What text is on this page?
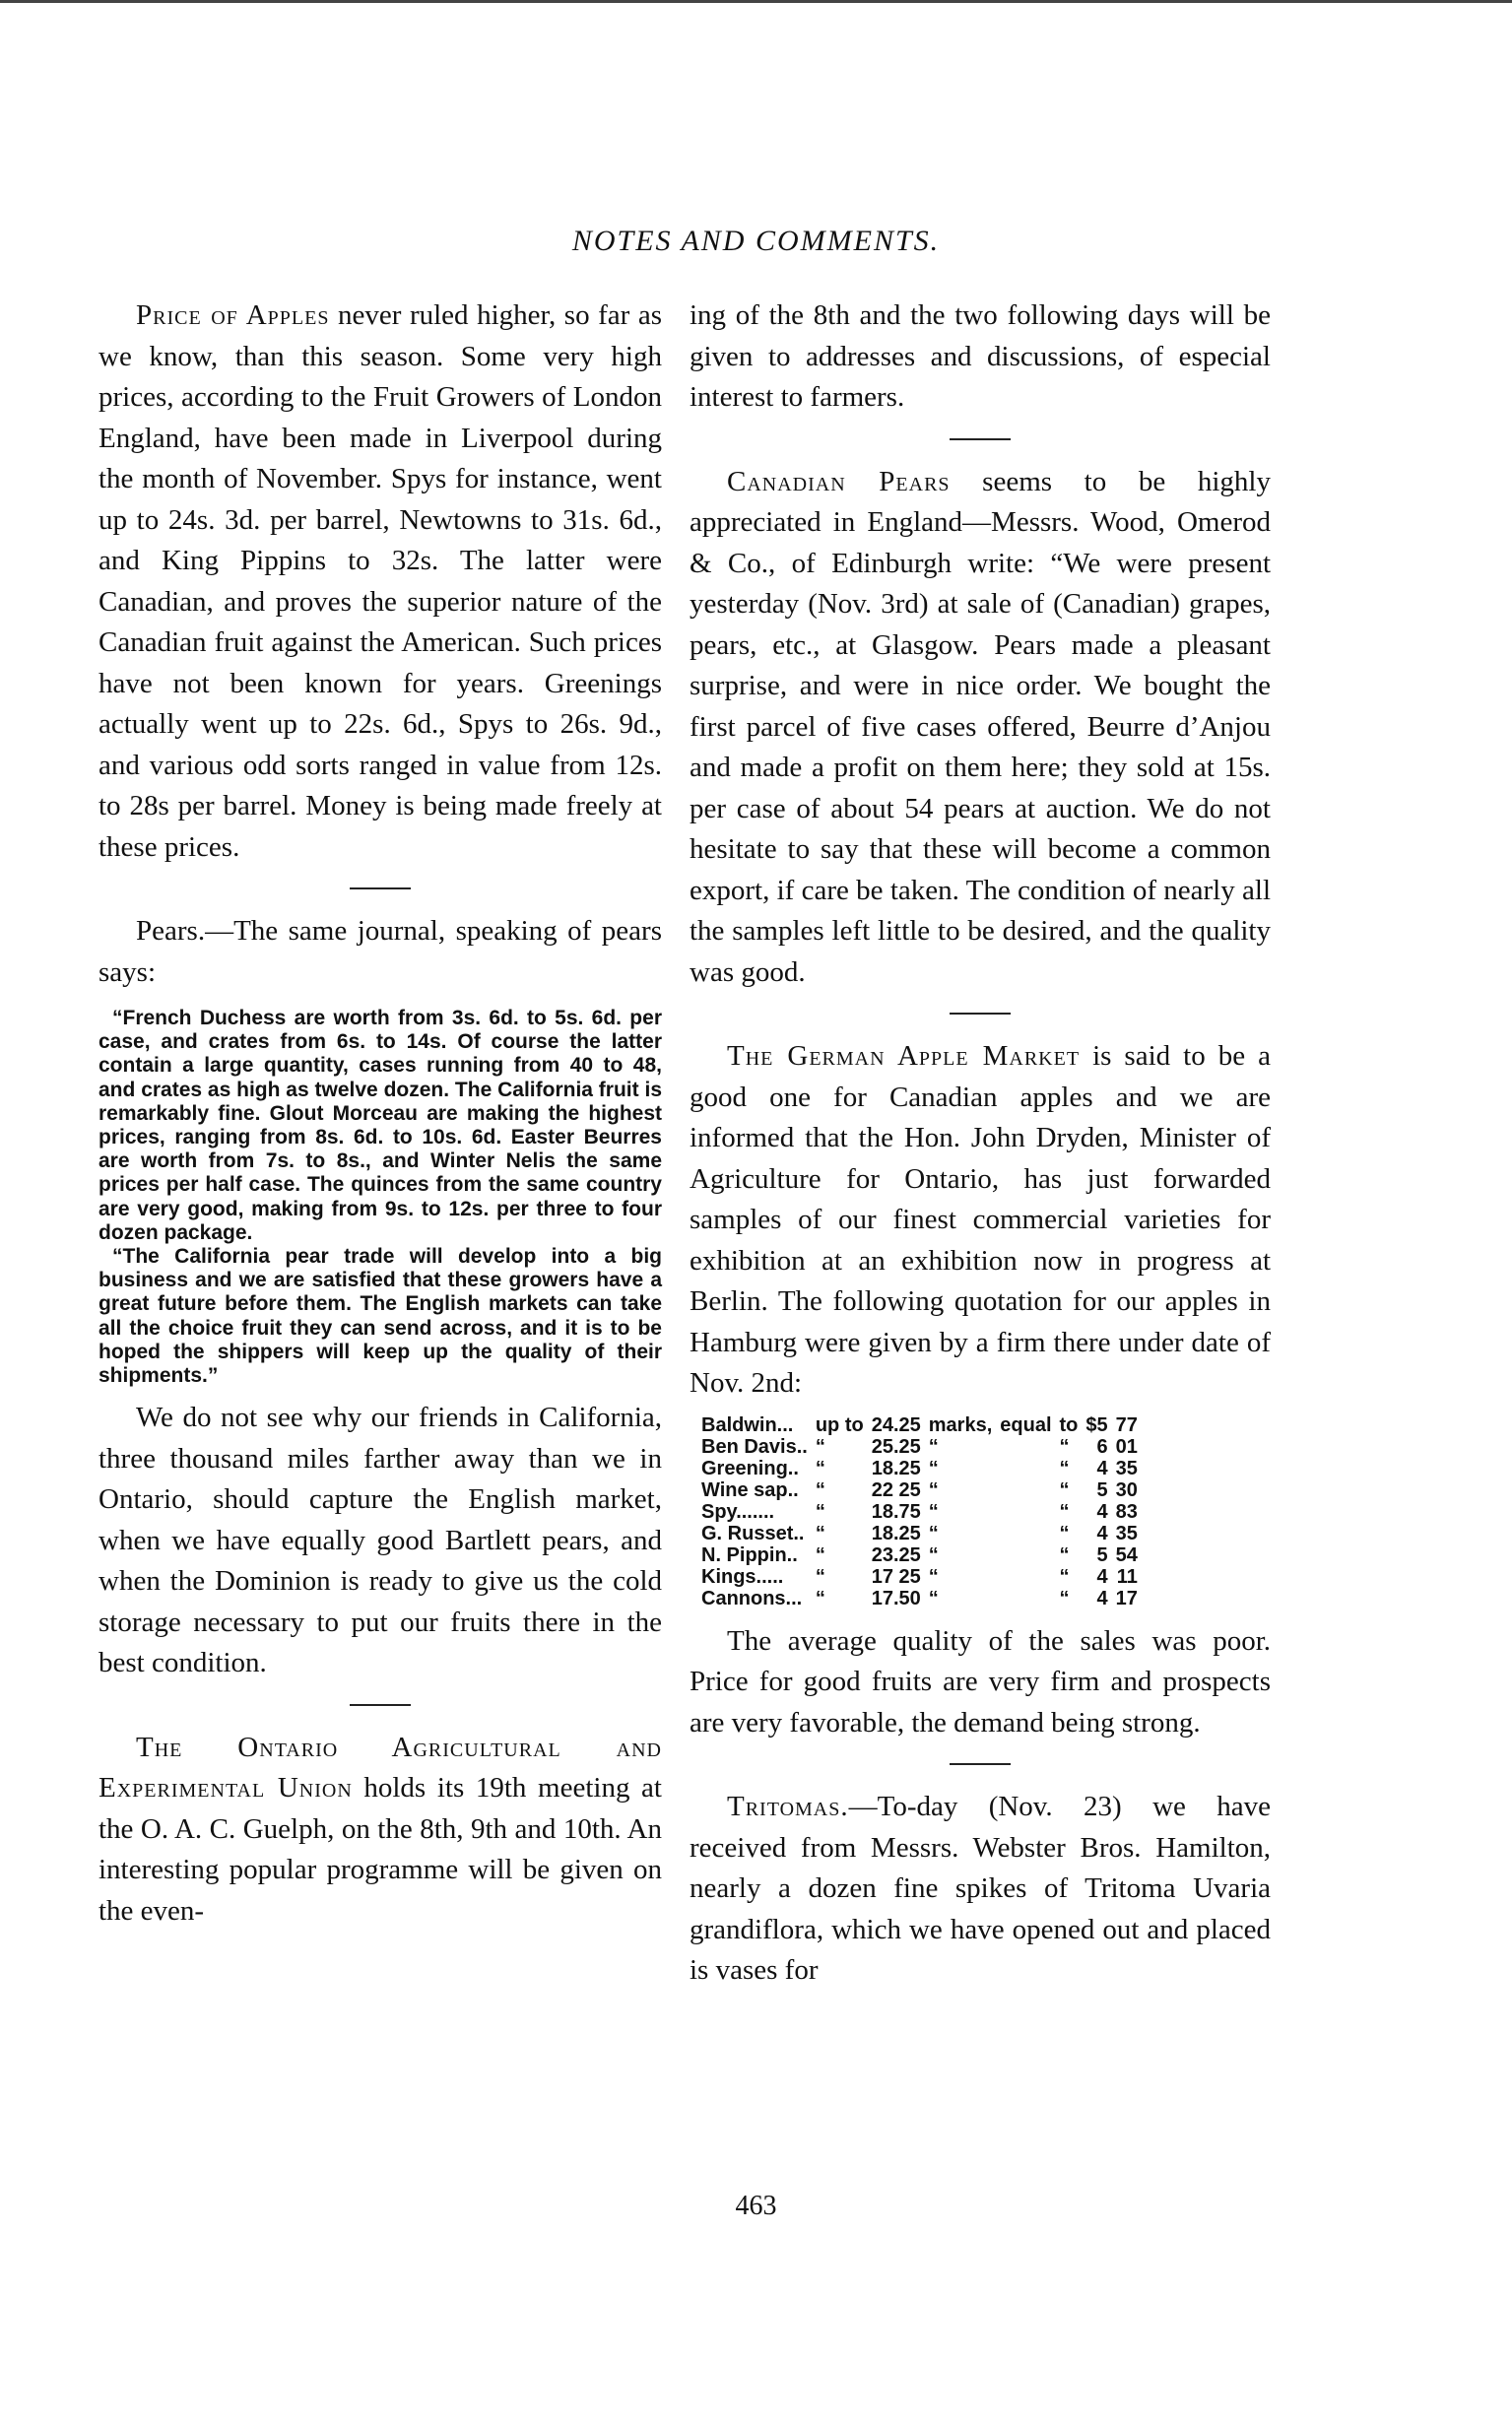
NOTES AND COMMENTS.

Price of Apples never ruled higher, so far as we know, than this season. Some very high prices, according to the Fruit Growers of London England, have been made in Liverpool during the month of November. Spys for instance, went up to 24s. 3d. per barrel, Newtowns to 31s. 6d., and King Pippins to 32s. The latter were Canadian, and proves the superior nature of the Canadian fruit against the American. Such prices have not been known for years. Greenings actually went up to 22s. 6d., Spys to 26s. 9d., and various odd sorts ranged in value from 12s. to 28s per barrel. Money is being made freely at these prices.

Pears.—The same journal, speaking of pears says:

“French Duchess are worth from 3s. 6d. to 5s. 6d. per case, and crates from 6s. to 14s. Of course the latter contain a large quantity, cases running from 40 to 48, and crates as high as twelve dozen. The California fruit is remarkably fine. Glout Morceau are making the highest prices, ranging from 8s. 6d. to 10s. 6d. Easter Beurres are worth from 7s. to 8s., and Winter Nelis the same prices per half case. The quinces from the same country are very good, making from 9s. to 12s. per three to four dozen package.

“The California pear trade will develop into a big business and we are satisfied that these growers have a great future before them. The English markets can take all the choice fruit they can send across, and it is to be hoped the shippers will keep up the quality of their shipments.”

We do not see why our friends in California, three thousand miles farther away than we in Ontario, should capture the English market, when we have equally good Bartlett pears, and when the Dominion is ready to give us the cold storage necessary to put our fruits there in the best condition.

The Ontario Agricultural and Experimental Union holds its 19th meeting at the O. A. C. Guelph, on the 8th, 9th and 10th. An interesting popular programme will be given on the even-

ing of the 8th and the two following days will be given to addresses and discussions, of especial interest to farmers.

Canadian Pears seems to be highly appreciated in England—Messrs. Wood, Omerod & Co., of Edinburgh write: “We were present yesterday (Nov. 3rd) at sale of (Canadian) grapes, pears, etc., at Glasgow. Pears made a pleasant surprise, and were in nice order. We bought the first parcel of five cases offered, Beurre d’Anjou and made a profit on them here; they sold at 15s. per case of about 54 pears at auction. We do not hesitate to say that these will become a common export, if care be taken. The condition of nearly all the samples left little to be desired, and the quality was good.

The German Apple Market is said to be a good one for Canadian apples and we are informed that the Hon. John Dryden, Minister of Agriculture for Ontario, has just forwarded samples of our finest commercial varieties for exhibition at an exhibition now in progress at Berlin. The following quotation for our apples in Hamburg were given by a firm there under date of Nov. 2nd:

Baldwin...	up to	24.25	marks,	equal	to	$5	77
Ben Davis..	“	25.25	“		“	6	01
Greening..	“	18.25	“		“	4	35
Wine sap..	“	22 25	“		“	5	30
Spy.......	“	18.75	“		“	4	83
G. Russet..	“	18.25	“		“	4	35
N. Pippin..	“	23.25	“		“	5	54
Kings.....	“	17 25	“		“	4	11
Cannons...	“	17.50	“		“	4	17

The average quality of the sales was poor. Price for good fruits are very firm and prospects are very favorable, the demand being strong.

Tritomas.—To-day (Nov. 23) we have received from Messrs. Webster Bros. Hamilton, nearly a dozen fine spikes of Tritoma Uvaria grandiflora, which we have opened out and placed is vases for

463
